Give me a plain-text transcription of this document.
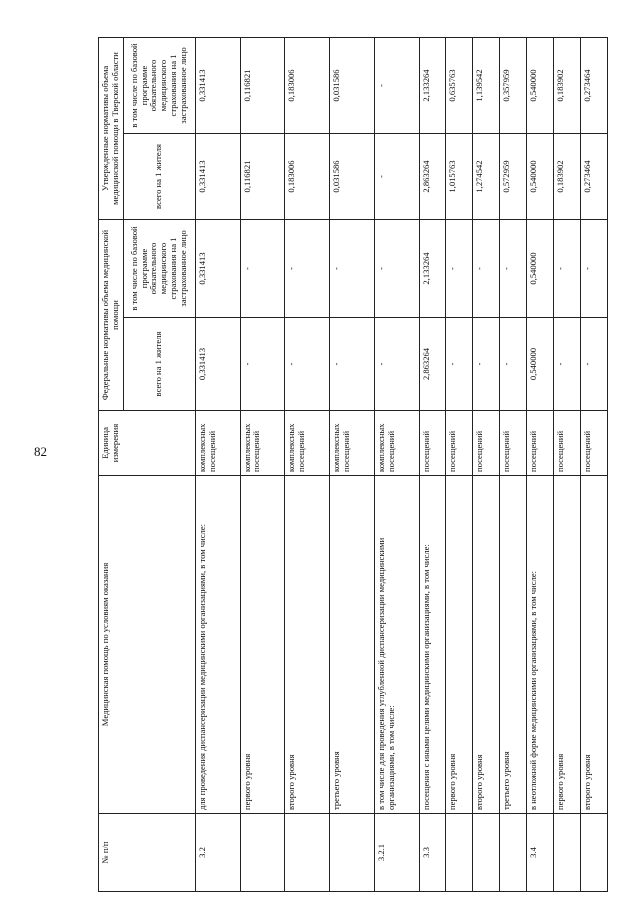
82
№ п/п	Медицинская помощь по условиям оказания	Единица измерения	Федеральные нормативы объема медицинской помощи		Утвержденные нормативы объема медицинской помощи в Тверской области	
			всего на 1 жителя	в том числе по базовой программе обязательного медицинского страхования на 1 застрахованное лицо	всего на 1 жителя	в том числе по базовой программе обязательного медицинского страхования на 1 застрахованное лицо
3.2	для проведения диспансеризации медицинскими организациями, в том числе:	комплексных посещений	0,331413	0,331413	0,331413	0,331413
	первого уровня	комплексных посещений	-	-	0,116821	0,116821
	второго уровня	комплексных посещений	-	-	0,183006	0,183006
	третьего уровня	комплексных посещений	-	-	0,031586	0,031586
3.2.1	в том числе для проведения углубленной диспансеризации медицинскими организациями, в том числе:	комплексных посещений	-	-	-	-
3.3	посещения с иными целями медицинскими организациями, в том числе:	посещений	2,863264	2,133264	2,863264	2,133264
	первого уровня	посещений	-	-	1,015763	0,635763
	второго уровня	посещений	-	-	1,274542	1,139542
	третьего уровня	посещений	-	-	0,572959	0,357959
3.4	в неотложной форме медицинскими организациями, в том числе:	посещений	0,540000	0,540000	0,540000	0,540000
	первого уровня	посещений	-	-	0,183902	0,183902
	второго уровня	посещений	-	-	0,273464	0,273464
